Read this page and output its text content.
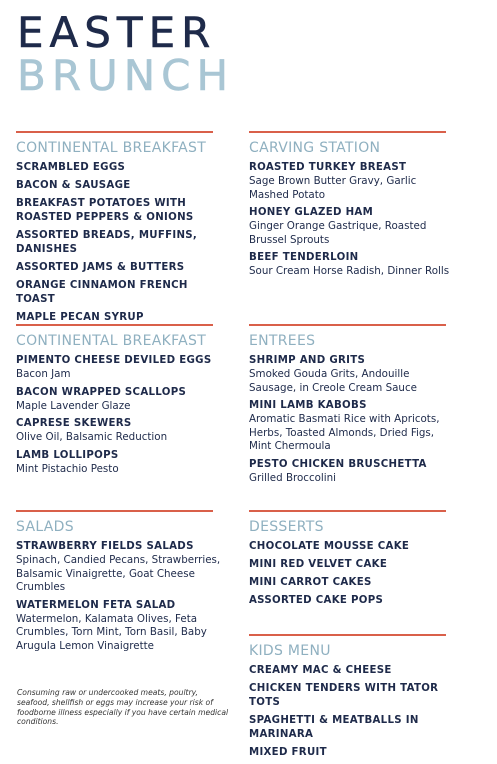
EASTER
BRUNCH
CONTINENTAL BREAKFAST
SCRAMBLED EGGS
BACON & SAUSAGE
BREAKFAST POTATOES WITH ROASTED PEPPERS & ONIONS
ASSORTED BREADS, MUFFINS, DANISHES
ASSORTED JAMS & BUTTERS
ORANGE CINNAMON FRENCH TOAST
MAPLE PECAN SYRUP
CARVING STATION
ROASTED TURKEY BREAST
Sage Brown Butter Gravy, Garlic Mashed Potato
HONEY GLAZED HAM
Ginger Orange Gastrique, Roasted Brussel Sprouts
BEEF TENDERLOIN
Sour Cream Horse Radish, Dinner Rolls
CONTINENTAL BREAKFAST
PIMENTO CHEESE DEVILED EGGS
Bacon Jam
BACON WRAPPED SCALLOPS
Maple Lavender Glaze
CAPRESE SKEWERS
Olive Oil, Balsamic Reduction
LAMB LOLLIPOPS
Mint Pistachio Pesto
ENTREES
SHRIMP AND GRITS
Smoked Gouda Grits, Andouille Sausage, in Creole Cream Sauce
MINI LAMB KABOBS
Aromatic Basmati Rice with Apricots, Herbs, Toasted Almonds, Dried Figs, Mint Chermoula
PESTO CHICKEN BRUSCHETTA
Grilled Broccolini
SALADS
STRAWBERRY FIELDS SALADS
Spinach, Candied Pecans, Strawberries, Balsamic Vinaigrette, Goat Cheese Crumbles
WATERMELON FETA SALAD
Watermelon, Kalamata Olives, Feta Crumbles, Torn Mint, Torn Basil, Baby Arugula Lemon Vinaigrette
DESSERTS
CHOCOLATE MOUSSE CAKE
MINI RED VELVET CAKE
MINI CARROT CAKES
ASSORTED CAKE POPS
KIDS MENU
CREAMY MAC & CHEESE
CHICKEN TENDERS WITH TATOR TOTS
SPAGHETTI & MEATBALLS IN MARINARA
MIXED FRUIT
Consuming raw or undercooked meats, poultry, seafood, shellfish or eggs may increase your risk of foodborne illness especially if you have certain medical conditions.
